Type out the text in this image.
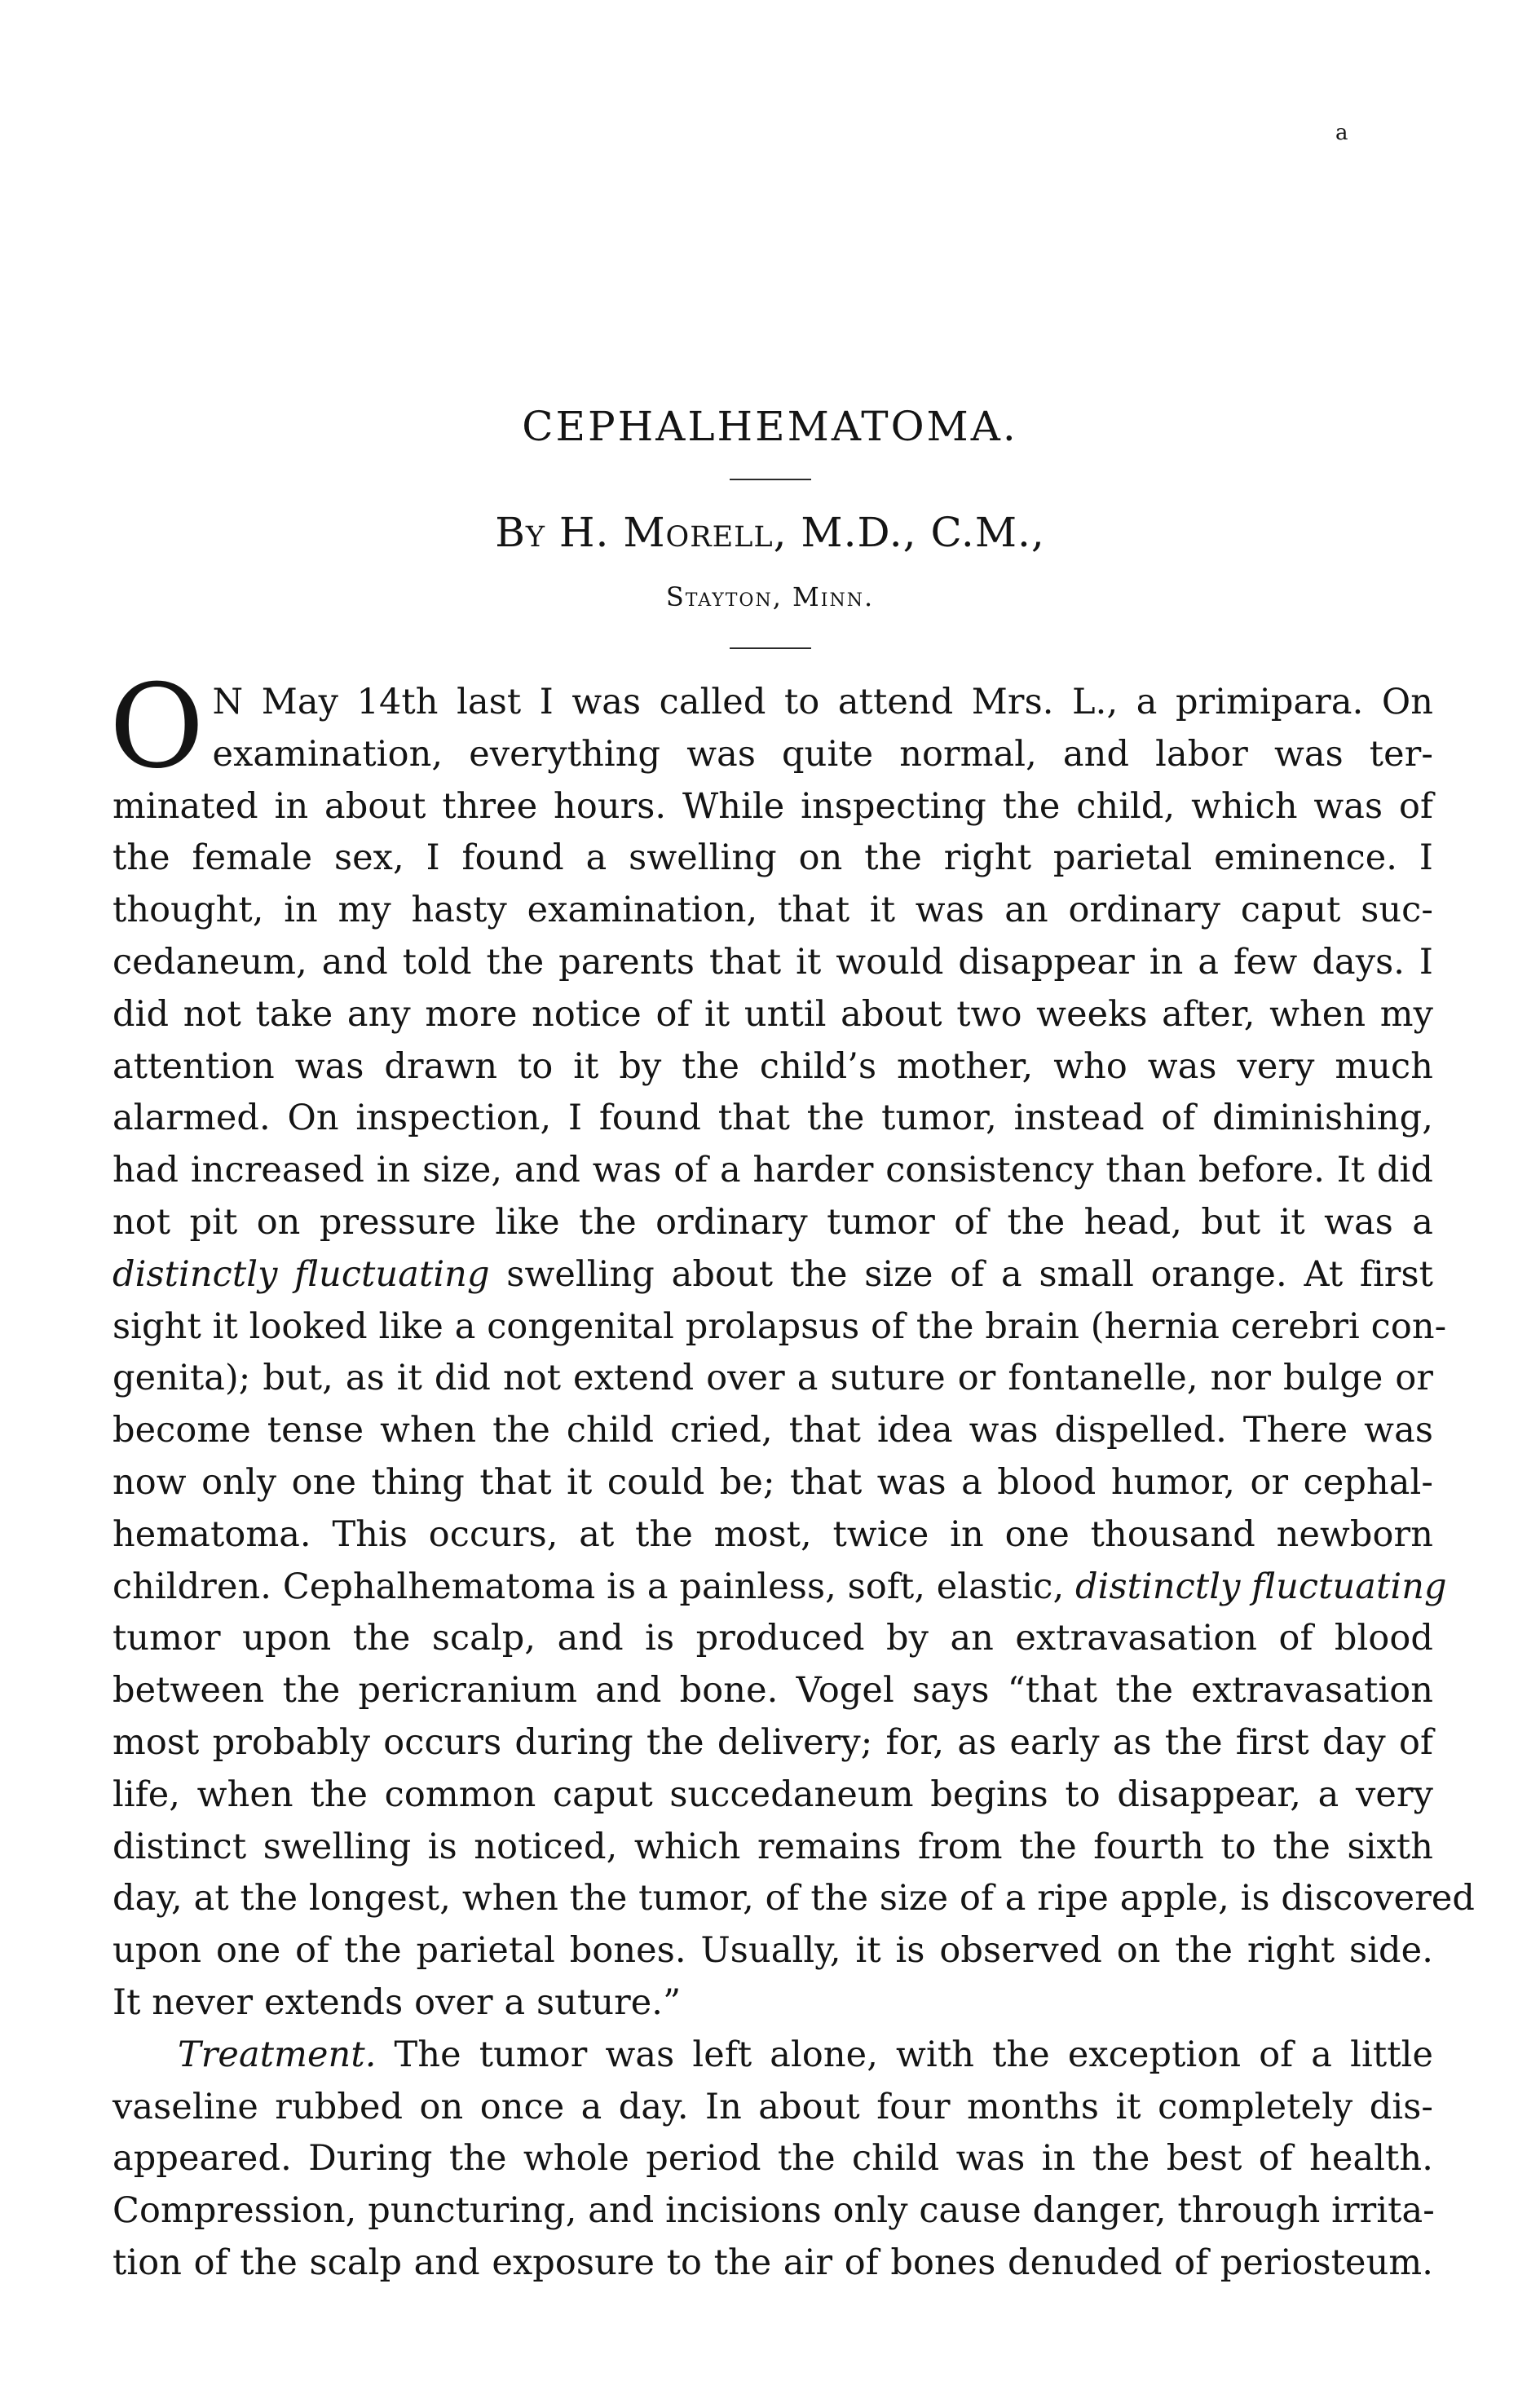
a
CEPHALHEMATOMA.
By H. Morell, M.D., C.M.,
Stayton, Minn.
O N May 14th last I was called to attend Mrs. L., a primipara. On
examination, everything was quite normal, and labor was ter-
minated in about three hours. While inspecting the child, which was of
the female sex, I found a swelling on the right parietal eminence. I
thought, in my hasty examination, that it was an ordinary caput suc-
cedaneum, and told the parents that it would disappear in a few days. I
did not take any more notice of it until about two weeks after, when my
attention was drawn to it by the child’s mother, who was very much
alarmed. On inspection, I found that the tumor, instead of diminishing,
had increased in size, and was of a harder consistency than before. It did
not pit on pressure like the ordinary tumor of the head, but it was a
distinctly fluctuating swelling about the size of a small orange. At first
sight it looked like a congenital prolapsus of the brain (hernia cerebri con-
genita); but, as it did not extend over a suture or fontanelle, nor bulge or
become tense when the child cried, that idea was dispelled. There was
now only one thing that it could be; that was a blood humor, or cephal-
hematoma. This occurs, at the most, twice in one thousand newborn
children. Cephalhematoma is a painless, soft, elastic, distinctly fluctuating
tumor upon the scalp, and is produced by an extravasation of blood
between the pericranium and bone. Vogel says “that the extravasation
most probably occurs during the delivery; for, as early as the first day of
life, when the common caput succedaneum begins to disappear, a very
distinct swelling is noticed, which remains from the fourth to the sixth
day, at the longest, when the tumor, of the size of a ripe apple, is discovered
upon one of the parietal bones. Usually, it is observed on the right side.
It never extends over a suture.”
Treatment. The tumor was left alone, with the exception of a little
vaseline rubbed on once a day. In about four months it completely dis-
appeared. During the whole period the child was in the best of health.
Compression, puncturing, and incisions only cause danger, through irrita-
tion of the scalp and exposure to the air of bones denuded of periosteum.
